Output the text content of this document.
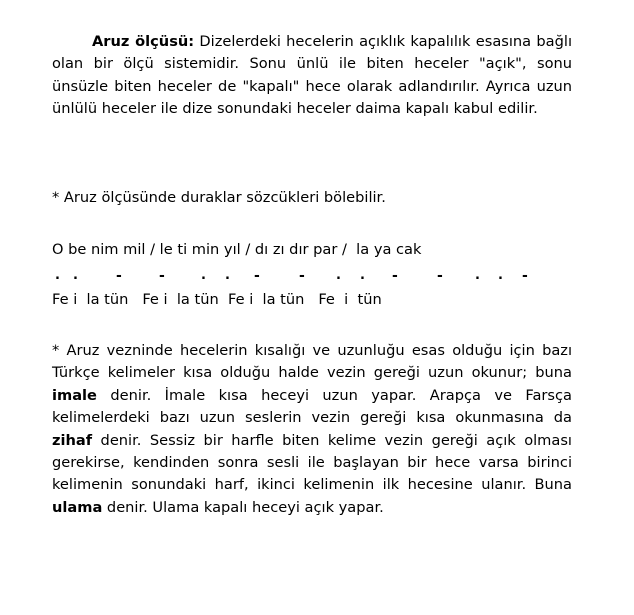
Aruz ölçüsü: Dizelerdeki hecelerin açıklık kapalılık esasına bağlı olan bir ölçü sistemidir. Sonu ünlü ile biten heceler "açık", sonu ünsüzle biten heceler de "kapalı" hece olarak adlandırılır. Ayrıca uzun ünlülü heceler ile dize sonundaki heceler daima kapalı kabul edilir.

* Aruz ölçüsünde duraklar sözcükleri bölebilir.
O be nim mil / le ti min yıl / dı zı dır par /  la ya cak
. .	-	-	. . -	- . . -	- . . -
Fe i  la tün   Fe i  la tün  Fe i  la tün   Fe  i  tün

* Aruz vezninde hecelerin kısalığı ve uzunluğu esas olduğu için bazı Türkçe kelimeler kısa olduğu halde vezin gereği uzun okunur; buna imale denir. İmale kısa heceyi uzun yapar. Arapça ve Farsça kelimelerdeki bazı uzun seslerin vezin gereği kısa okunmasına da zihaf denir. Sessiz bir harfle biten kelime vezin gereği açık olması gerekirse, kendinden sonra sesli ile başlayan bir hece varsa birinci kelimenin sonundaki harf, ikinci kelimenin ilk hecesine ulanır. Buna ulama denir. Ulama kapalı heceyi açık yapar.
